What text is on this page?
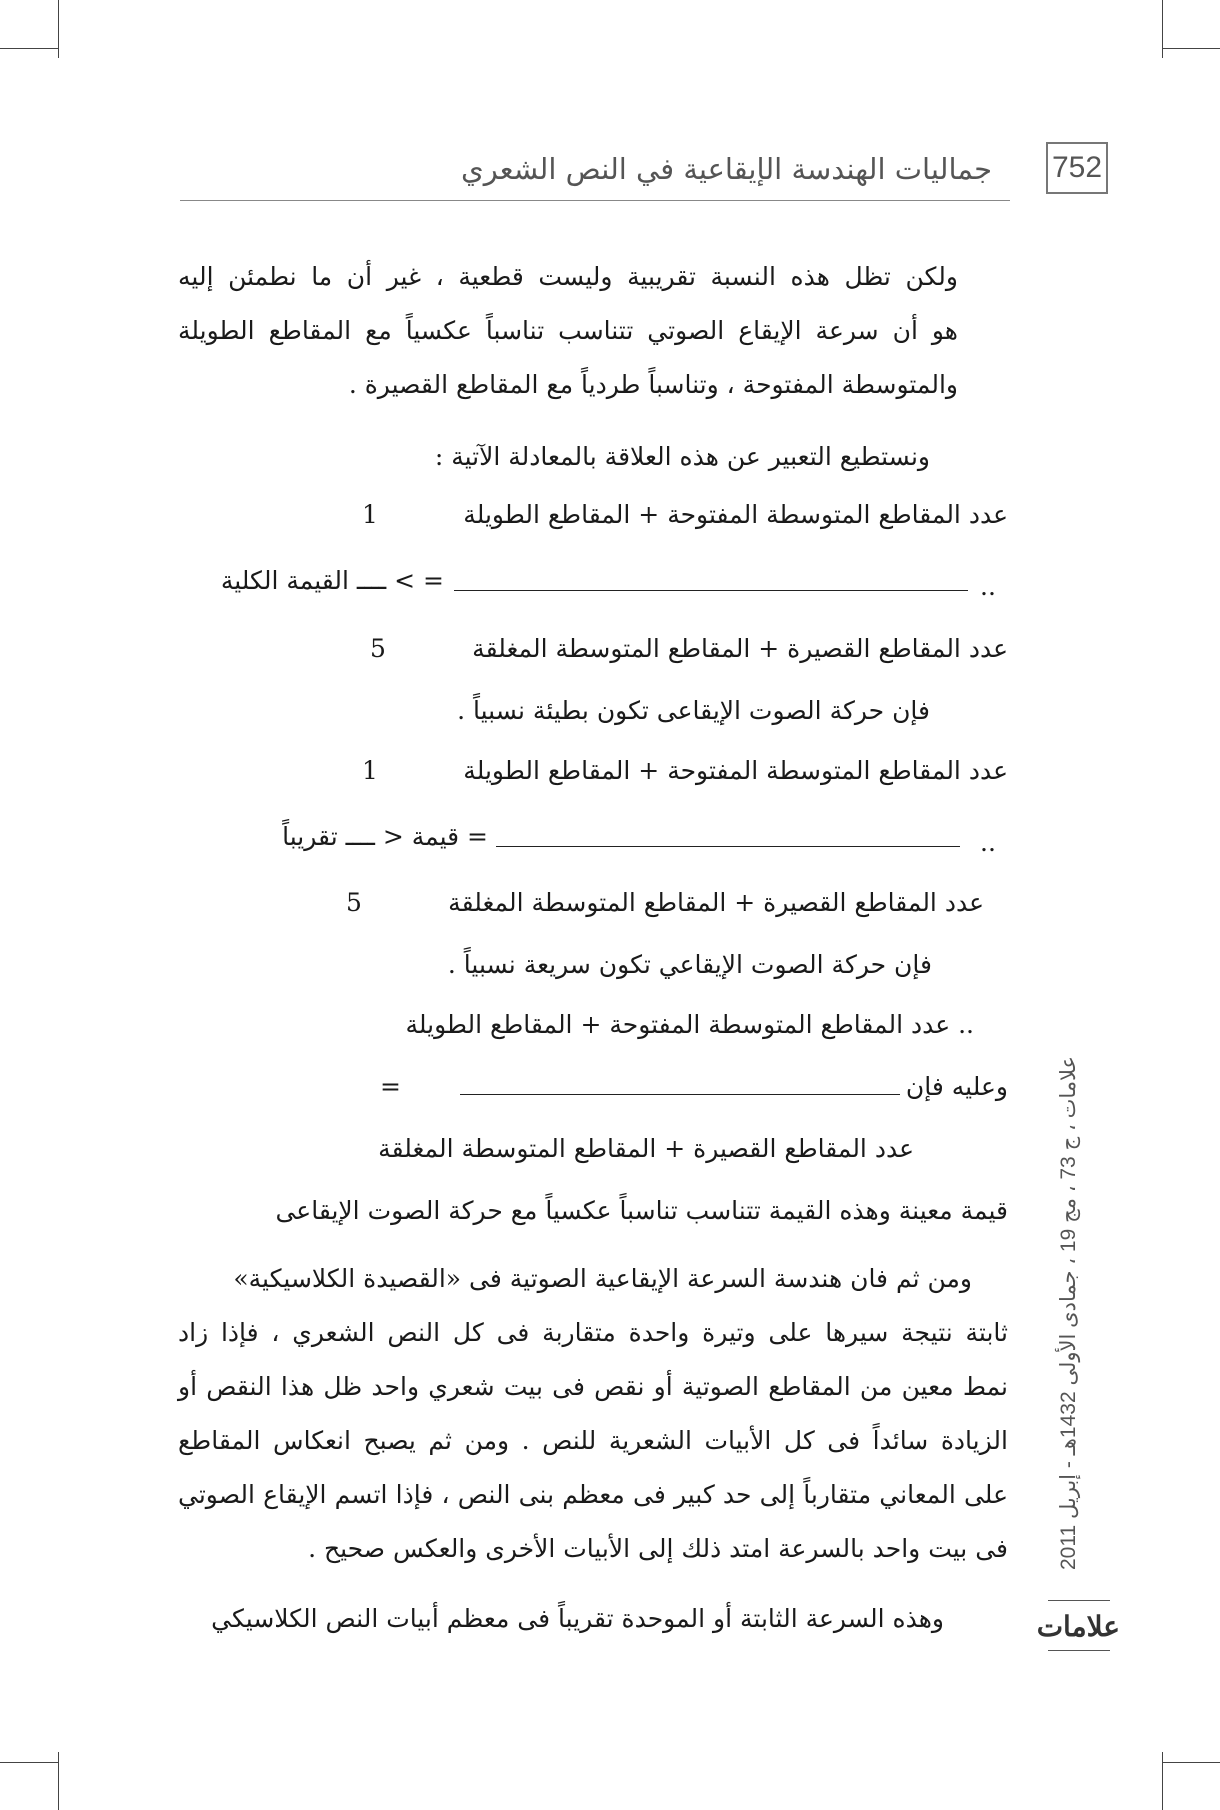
جماليات الهندسة الإيقاعية في النص الشعري 752
ولكن تظل هذه النسبة تقريبية وليست قطعية ، غير أن ما نطمئن إليه
هو أن سرعة الإيقاع الصوتي تتناسب تناسباً عكسياً مع المقاطع الطويلة
والمتوسطة المفتوحة ، وتناسباً طردياً مع المقاطع القصيرة .
ونستطيع التعبير عن هذه العلاقة بالمعادلة الآتية :
عدد المقاطع المتوسطة المفتوحة + المقاطع الطويلة
1
..
= > ــــ القيمة الكلية
عدد المقاطع القصيرة + المقاطع المتوسطة المغلقة
5
فإن حركة الصوت الإيقاعى تكون بطيئة نسبياً .
عدد المقاطع المتوسطة المفتوحة + المقاطع الطويلة
1
..
= قيمة < ــــ تقريباً
عدد المقاطع القصيرة + المقاطع المتوسطة المغلقة
5
فإن حركة الصوت الإيقاعي تكون سريعة نسبياً .
.. عدد المقاطع المتوسطة المفتوحة + المقاطع الطويلة
وعليه فإن
=
عدد المقاطع القصيرة + المقاطع المتوسطة المغلقة
قيمة معينة وهذه القيمة تتناسب تناسباً عكسياً مع حركة الصوت الإيقاعى
ومن ثم فان هندسة السرعة الإيقاعية الصوتية فى «القصيدة الكلاسيكية»
ثابتة نتيجة سيرها على وتيرة واحدة متقاربة فى كل النص الشعري ، فإذا زاد
نمط معين من المقاطع الصوتية أو نقص فى بيت شعري واحد ظل هذا النقص أو
الزيادة سائداً فى كل الأبيات الشعرية للنص . ومن ثم يصبح انعكاس المقاطع
على المعاني متقارباً إلى حد كبير فى معظم بنى النص ، فإذا اتسم الإيقاع الصوتي
فى بيت واحد بالسرعة امتد ذلك إلى الأبيات الأخرى والعكس صحيح .
وهذه السرعة الثابتة أو الموحدة تقريباً فى معظم أبيات النص الكلاسيكي
علامات ، ج 73 ، مج 19 ، جمادى الأولى 1432هـ - إبريل 2011
علامات
